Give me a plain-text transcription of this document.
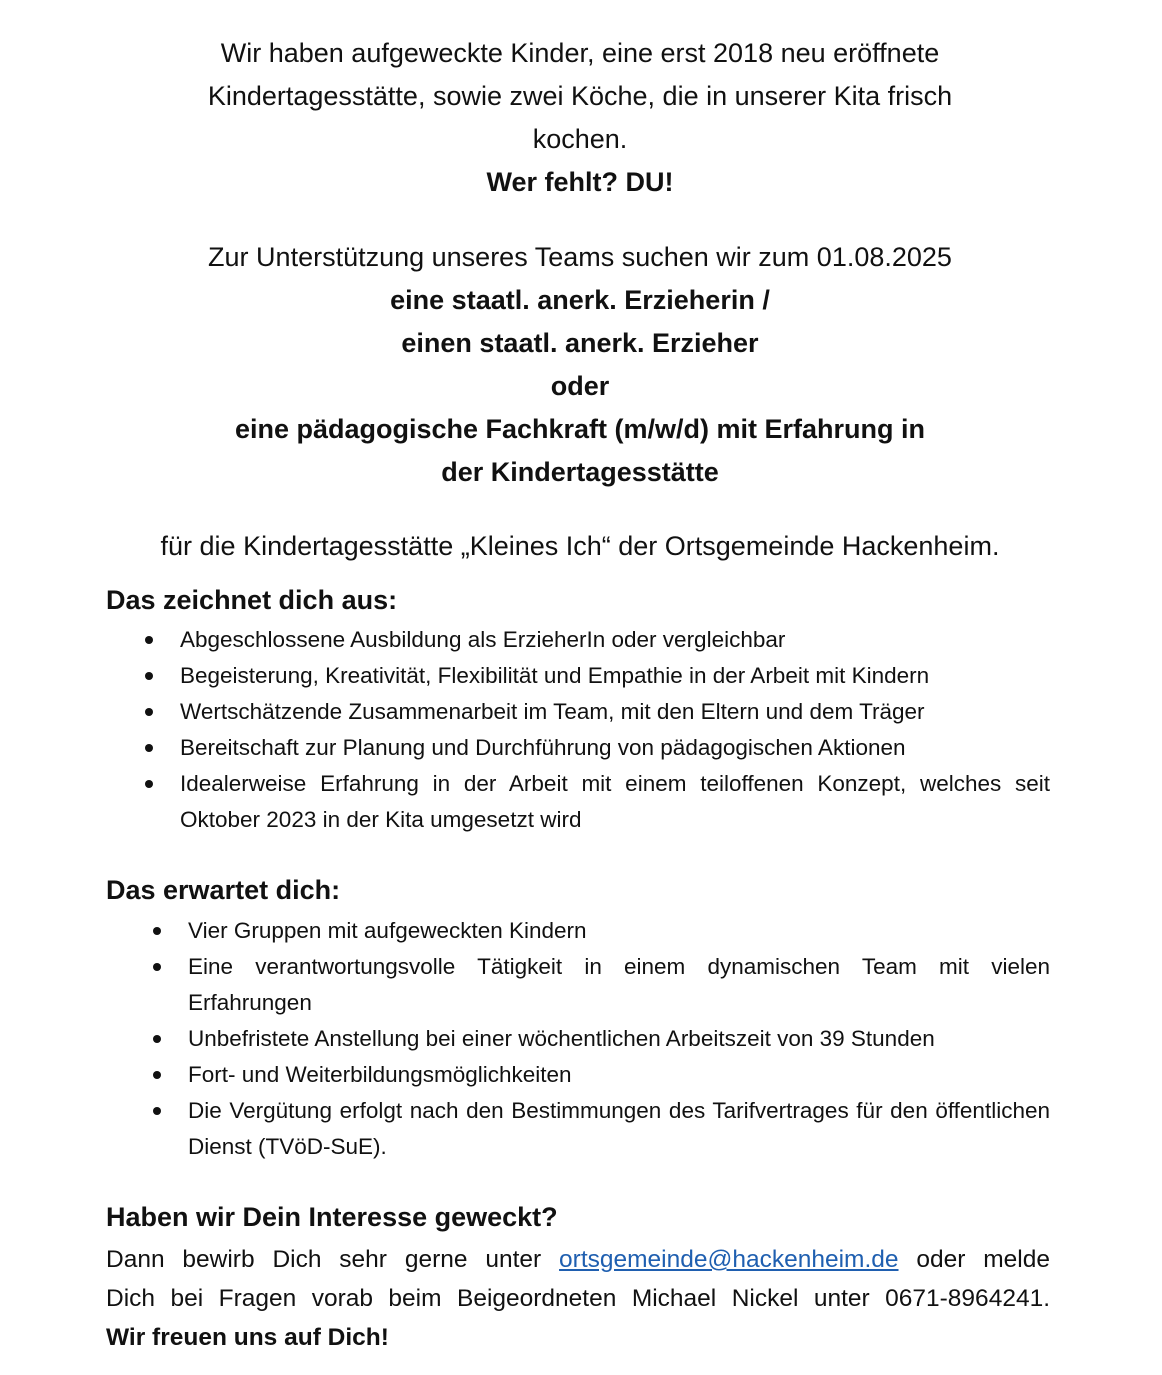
Wir haben aufgeweckte Kinder, eine erst 2018 neu eröffnete
Kindertagesstätte, sowie zwei Köche, die in unserer Kita frisch
kochen.
Wer fehlt? DU!
Zur Unterstützung unseres Teams suchen wir zum 01.08.2025
eine staatl. anerk. Erzieherin /
einen staatl. anerk. Erzieher
oder
eine pädagogische Fachkraft (m/w/d) mit Erfahrung in
der Kindertagesstätte
für die Kindertagesstätte „Kleines Ich“ der Ortsgemeinde Hackenheim.
Das zeichnet dich aus:
Abgeschlossene Ausbildung als ErzieherIn oder vergleichbar
Begeisterung, Kreativität, Flexibilität und Empathie in der Arbeit mit Kindern
Wertschätzende Zusammenarbeit im Team, mit den Eltern und dem Träger
Bereitschaft zur Planung und Durchführung von pädagogischen Aktionen
Idealerweise Erfahrung in der Arbeit mit einem teiloffenen Konzept, welches seit Oktober 2023 in der Kita umgesetzt wird
Das erwartet dich:
Vier Gruppen mit aufgeweckten Kindern
Eine verantwortungsvolle Tätigkeit in einem dynamischen Team mit vielen Erfahrungen
Unbefristete Anstellung bei einer wöchentlichen Arbeitszeit von 39 Stunden
Fort- und Weiterbildungsmöglichkeiten
Die Vergütung erfolgt nach den Bestimmungen des Tarifvertrages für den öffentlichen Dienst (TVöD-SuE).
Haben wir Dein Interesse geweckt?
Dann bewirb Dich sehr gerne unter ortsgemeinde@hackenheim.de oder melde
Dich bei Fragen vorab beim Beigeordneten Michael Nickel unter 0671-8964241.
Wir freuen uns auf Dich!
